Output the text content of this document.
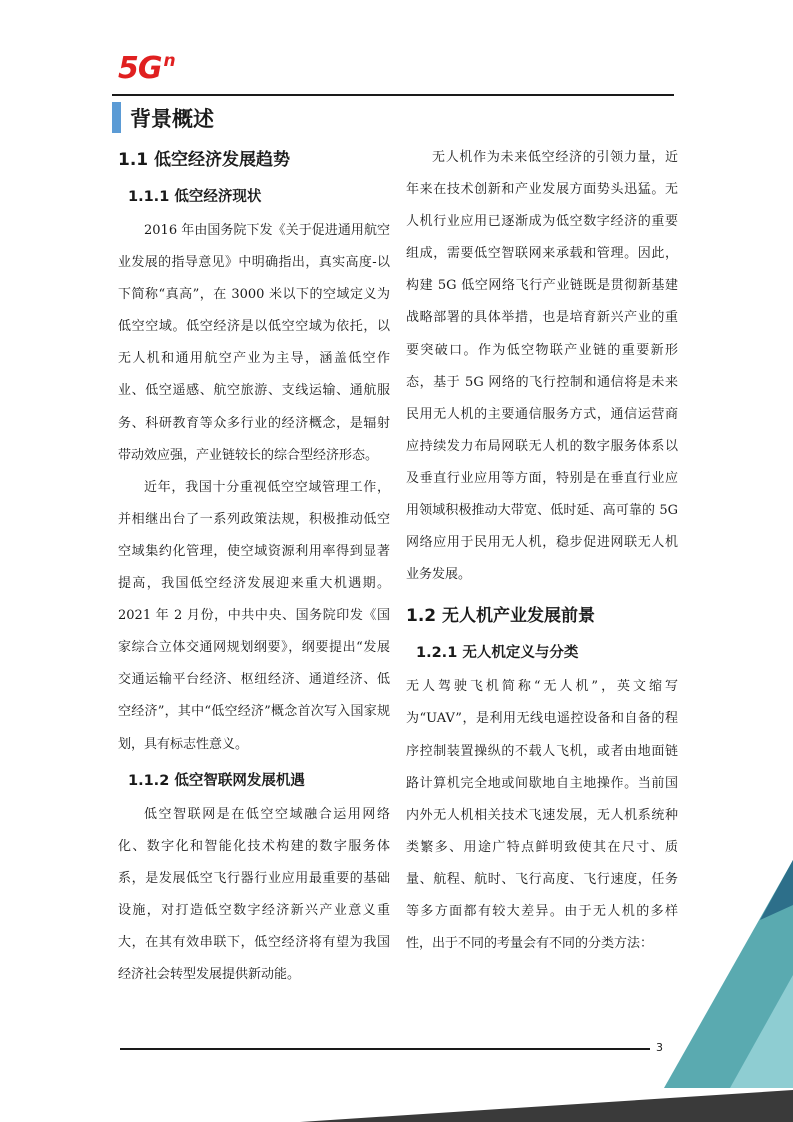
5G $^n$
背景概述
1.1 低空经济发展趋势
1.1.1 低空经济现状

2016 年由国务院下发《关于促进通用航空业发展的指导意见》中明确指出，真实高度-以下简称“真高”，在 3000 米以下的空域定义为低空空域。低空经济是以低空空域为依托，以无人机和通用航空产业为主导，涵盖低空作业、低空遥感、航空旅游、支线运输、通航服务、科研教育等众多行业的经济概念，是辐射带动效应强，产业链较长的综合型经济形态。

近年，我国十分重视低空空域管理工作，并相继出台了一系列政策法规，积极推动低空空域集约化管理，使空域资源利用率得到显著提高，我国低空经济发展迎来重大机遇期。2021 年 2 月份，中共中央、国务院印发《国家综合立体交通网规划纲要》，纲要提出“发展交通运输平台经济、枢纽经济、通道经济、低空经济”，其中“低空经济”概念首次写入国家规划，具有标志性意义。

1.1.2 低空智联网发展机遇

低空智联网是在低空空域融合运用网络化、数字化和智能化技术构建的数字服务体系，是发展低空飞行器行业应用最重要的基础设施，对打造低空数字经济新兴产业意义重大，在其有效串联下，低空经济将有望为我国经济社会转型发展提供新动能。

无人机作为未来低空经济的引领力量，近年来在技术创新和产业发展方面势头迅猛。无人机行业应用已逐渐成为低空数字经济的重要组成，需要低空智联网来承载和管理。因此，构建 5G 低空网络飞行产业链既是贯彻新基建战略部署的具体举措，也是培育新兴产业的重要突破口。作为低空物联产业链的重要新形态，基于 5G 网络的飞行控制和通信将是未来民用无人机的主要通信服务方式，通信运营商应持续发力布局网联无人机的数字服务体系以及垂直行业应用等方面，特别是在垂直行业应用领域积极推动大带宽、低时延、高可靠的 5G 网络应用于民用无人机，稳步促进网联无人机业务发展。

1.2 无人机产业发展前景
1.2.1 无人机定义与分类

无人驾驶飞机简称“无人机”，英文缩写为“UAV”，是利用无线电遥控设备和自备的程序控制装置操纵的不载人飞机，或者由地面链路计算机完全地或间歇地自主地操作。当前国内外无人机相关技术飞速发展，无人机系统种类繁多、用途广特点鲜明致使其在尺寸、质量、航程、航时、飞行高度、飞行速度，任务等多方面都有较大差异。由于无人机的多样性，出于不同的考量会有不同的分类方法：

3
